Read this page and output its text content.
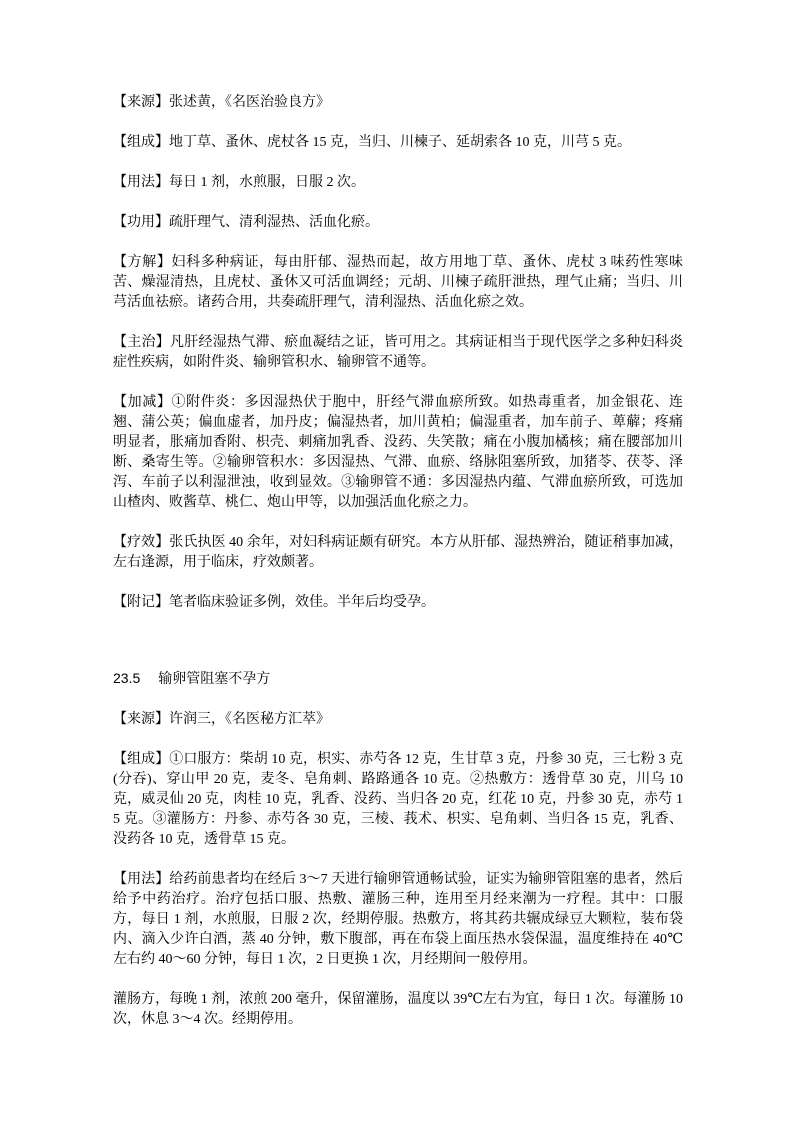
【来源】张述黄，《名医治验良方》

【组成】地丁草、蚤休、虎杖各 15 克，当归、川楝子、延胡索各 10 克，川芎 5 克。

【用法】每日 1 剂，水煎服，日服 2 次。

【功用】疏肝理气、清利湿热、活血化瘀。

【方解】妇科多种病证，每由肝郁、湿热而起，故方用地丁草、蚤休、虎杖 3 味药性寒味苦、燥湿清热，且虎杖、蚤休又可活血调经；元胡、川楝子疏肝泄热，理气止痛；当归、川芎活血祛瘀。诸药合用，共奏疏肝理气，清利湿热、活血化瘀之效。

【主治】凡肝经湿热气滞、瘀血凝结之证，皆可用之。其病证相当于现代医学之多种妇科炎症性疾病，如附件炎、输卵管积水、输卵管不通等。

【加减】①附件炎：多因湿热伏于胞中，肝经气滞血瘀所致。如热毒重者，加金银花、连翘、蒲公英；偏血虚者，加丹皮；偏湿热者，加川黄柏；偏湿重者，加车前子、萆薢；疼痛明显者，胀痛加香附、枳壳、刺痛加乳香、没药、失笑散；痛在小腹加橘核；痛在腰部加川断、桑寄生等。②输卵管积水：多因湿热、气滞、血瘀、络脉阻塞所致，加猪苓、茯苓、泽泻、车前子以利湿泄浊，收到显效。③输卵管不通：多因湿热内蕴、气滞血瘀所致，可选加山楂肉、败酱草、桃仁、炮山甲等，以加强活血化瘀之力。

【疗效】张氏执医 40 余年，对妇科病证颇有研究。本方从肝郁、湿热辨治，随证稍事加减，左右逢源，用于临床，疗效颇著。

【附记】笔者临床验证多例，效佳。半年后均受孕。

23.5 输卵管阻塞不孕方

【来源】许润三，《名医秘方汇萃》

【组成】①口服方：柴胡 10 克，枳实、赤芍各 12 克，生甘草 3 克，丹参 30 克，三七粉 3 克(分吞)、穿山甲 20 克，麦冬、皂角刺、路路通各 10 克。②热敷方：透骨草 30 克，川乌 10 克，威灵仙 20 克，肉桂 10 克，乳香、没药、当归各 20 克，红花 10 克，丹参 30 克，赤芍 15 克。③灌肠方：丹参、赤芍各 30 克，三棱、莪术、枳实、皂角刺、当归各 15 克，乳香、没药各 10 克，透骨草 15 克。

【用法】给药前患者均在经后 3～7 天进行输卵管通畅试验，证实为输卵管阻塞的患者，然后给予中药治疗。治疗包括口服、热敷、灌肠三种，连用至月经来潮为一疗程。其中：口服方，每日 1 剂，水煎服，日服 2 次，经期停服。热敷方，将其药共辗成绿豆大颗粒，装布袋内、滴入少许白酒，蒸 40 分钟，敷下腹部，再在布袋上面压热水袋保温，温度维持在 40℃左右约 40～60 分钟，每日 1 次，2 日更换 1 次，月经期间一般停用。

灌肠方，每晚 1 剂，浓煎 200 毫升，保留灌肠，温度以 39℃左右为宜，每日 1 次。每灌肠 10 次，休息 3～4 次。经期停用。
